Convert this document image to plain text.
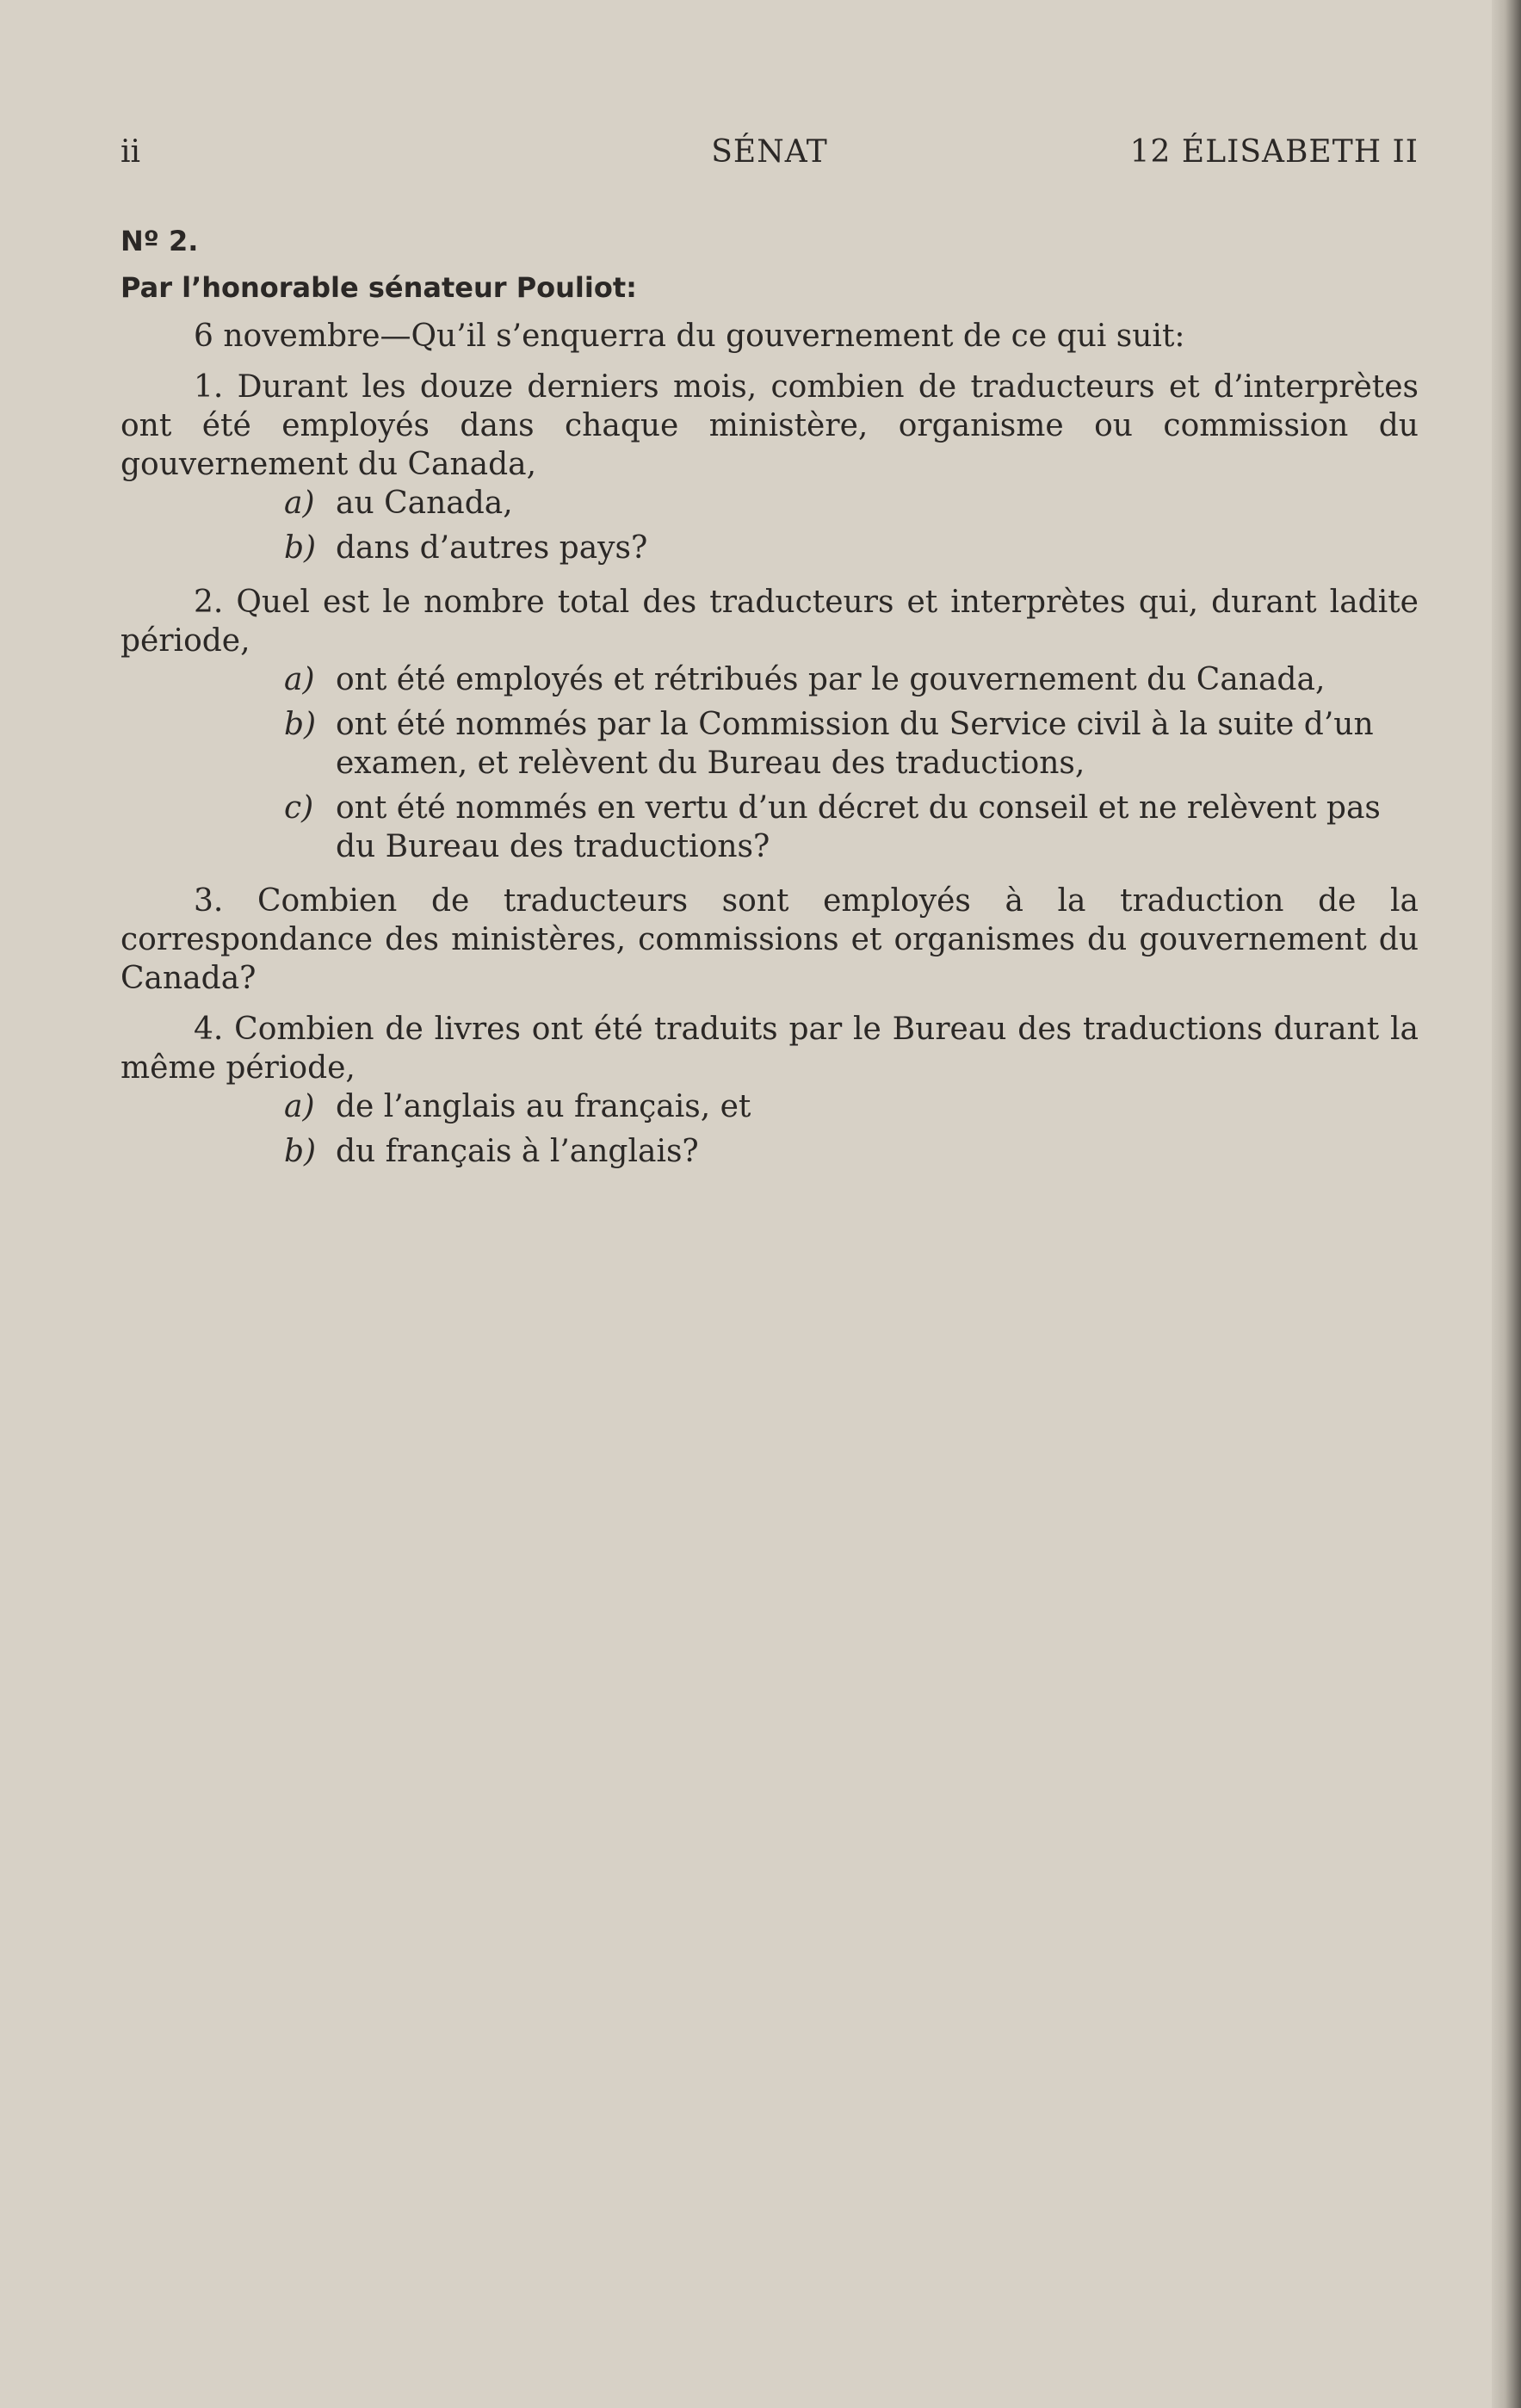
ii	SÉNAT	12 ÉLISABETH II
Nº 2.
Par l’honorable sénateur Pouliot:

6 novembre—Qu’il s’enquerra du gouvernement de ce qui suit:

1. Durant les douze derniers mois, combien de traducteurs et d’interprètes ont été employés dans chaque ministère, organisme ou commission du gouvernement du Canada,

a) au Canada,
b) dans d’autres pays?

2. Quel est le nombre total des traducteurs et interprètes qui, durant ladite période,

a) ont été employés et rétribués par le gouvernement du Canada,
b) ont été nommés par la Commission du Service civil à la suite d’un examen, et relèvent du Bureau des traductions,
c) ont été nommés en vertu d’un décret du conseil et ne relèvent pas du Bureau des traductions?

3. Combien de traducteurs sont employés à la traduction de la correspondance des ministères, commissions et organismes du gouvernement du Canada?

4. Combien de livres ont été traduits par le Bureau des traductions durant la même période,

a) de l’anglais au français, et
b) du français à l’anglais?
